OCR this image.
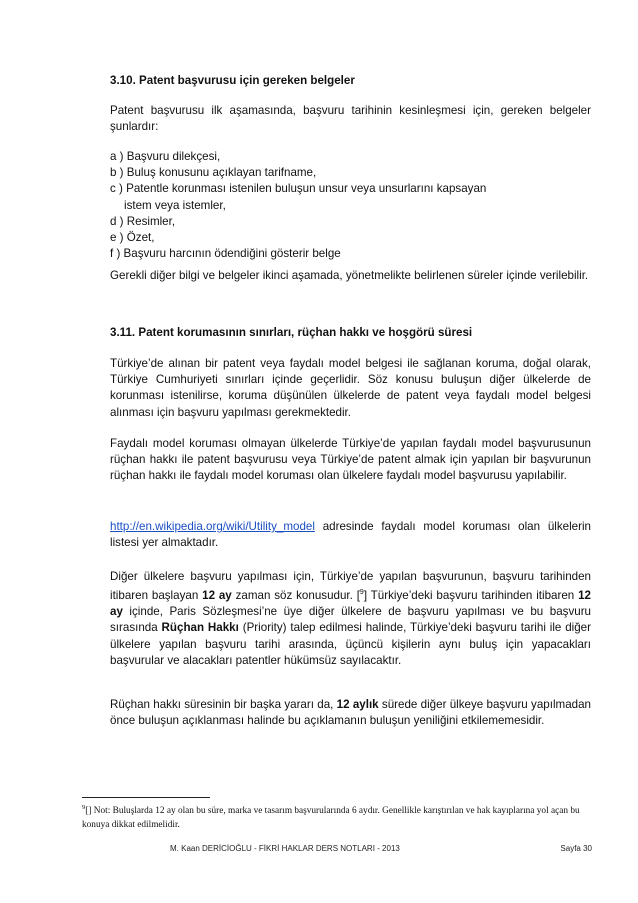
3.10. Patent başvurusu için gereken belgeler
Patent başvurusu ilk aşamasında, başvuru tarihinin kesinleşmesi için, gereken belgeler şunlardır:
a ) Başvuru dilekçesi,
b ) Buluş konusunu açıklayan tarifname,
c ) Patentle korunması istenilen buluşun unsur veya unsurlarını kapsayan
istem veya istemler,
d ) Resimler,
e ) Özet,
f ) Başvuru harcının ödendiğini gösterir belge
Gerekli diğer bilgi ve belgeler ikinci aşamada, yönetmelikte belirlenen süreler içinde verilebilir.
3.11. Patent korumasının sınırları, rüçhan hakkı ve hoşgörü süresi
Türkiye’de alınan bir patent veya faydalı model belgesi ile sağlanan koruma, doğal olarak, Türkiye Cumhuriyeti sınırları içinde geçerlidir. Söz konusu buluşun diğer ülkelerde de korunması istenilirse, koruma düşünülen ülkelerde de patent veya faydalı model belgesi alınması için başvuru yapılması gerekmektedir.
Faydalı model koruması olmayan ülkelerde Türkiye’de yapılan faydalı model başvurusunun rüçhan hakkı ile patent başvurusu veya Türkiye’de patent almak için yapılan bir başvurunun rüçhan hakkı ile faydalı model koruması olan ülkelere faydalı model başvurusu yapılabilir.
http://en.wikipedia.org/wiki/Utility_model adresinde faydalı model koruması olan ülkelerin listesi yer almaktadır.
Diğer ülkelere başvuru yapılması için, Türkiye’de yapılan başvurunun, başvuru tarihinden itibaren başlayan 12 ay zaman söz konusudur. [$^9$] Türkiye’deki başvuru tarihinden itibaren 12 ay içinde, Paris Sözleşmesi’ne üye diğer ülkelere de başvuru yapılması ve bu başvuru sırasında Rüçhan Hakkı (Priority) talep edilmesi halinde, Türkiye’deki başvuru tarihi ile diğer ülkelere yapılan başvuru tarihi arasında, üçüncü kişilerin aynı buluş için yapacakları başvurular ve alacakları patentler hükümsüz sayılacaktır.
Rüçhan hakkı süresinin bir başka yararı da, 12 aylık sürede diğer ülkeye başvuru yapılmadan önce buluşun açıklanması halinde bu açıklamanın buluşun yeniliğini etkilememesidir.
$^9$[] Not: Buluşlarda 12 ay olan bu süre, marka ve tasarım başvurularında 6 aydır. Genellikle karıştırılan ve hak kayıplarına yol açan bu konuya dikkat edilmelidir.
M. Kaan DERİCİOĞLU - FİKRİ HAKLAR DERS NOTLARI - 2013	Sayfa 30
